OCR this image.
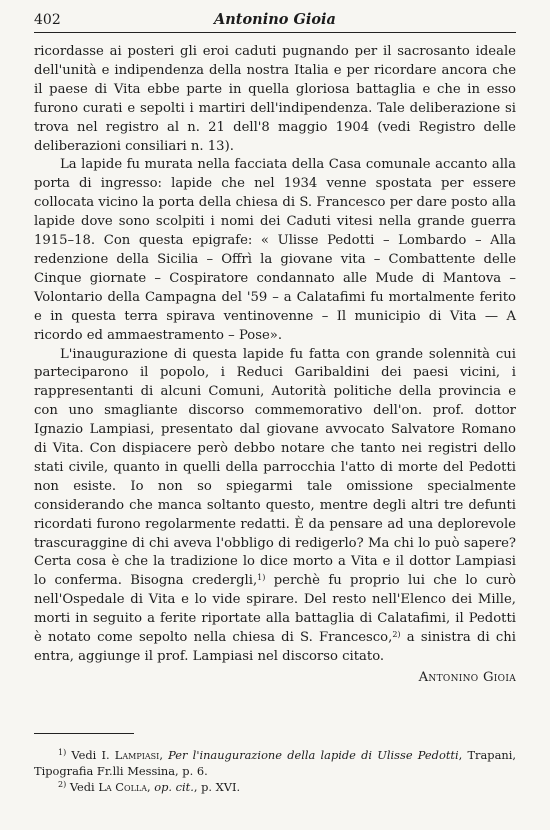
402	Antonino Gioia

ricordasse ai posteri gli eroi caduti pugnando per il sacrosanto ideale dell'unità e indipendenza della nostra Italia e per ricordare ancora che il paese di Vita ebbe parte in quella gloriosa battaglia e che in esso furono curati e sepolti i martiri dell'indipendenza. Tale deliberazione si trova nel registro al n. 21 dell'8 maggio 1904 (vedi Registro delle deliberazioni consiliari n. 13).

La lapide fu murata nella facciata della Casa comunale accanto alla porta di ingresso: lapide che nel 1934 venne spostata per essere collocata vicino la porta della chiesa di S. Francesco per dare posto alla lapide dove sono scolpiti i nomi dei Caduti vitesi nella grande guerra 1915–18. Con questa epigrafe: « Ulisse Pedotti – Lombardo – Alla redenzione della Sicilia – Offrì la giovane vita – Combattente delle Cinque giornate – Cospiratore condannato alle Mude di Mantova – Volontario della Campagna del '59 – a Calatafimi fu mortalmente ferito e in questa terra spirava ventinovenne – Il municipio di Vita — A ricordo ed ammaestramento – Pose».

L'inaugurazione di questa lapide fu fatta con grande solennità cui parteciparono il popolo, i Reduci Garibaldini dei paesi vicini, i rappresentanti di alcuni Comuni, Autorità politiche della provincia e con uno smagliante discorso commemorativo dell'on. prof. dottor Ignazio Lampiasi, presentato dal giovane avvocato Salvatore Romano di Vita. Con dispiacere però debbo notare che tanto nei registri dello stati civile, quanto in quelli della parrocchia l'atto di morte del Pedotti non esiste. Io non so spiegarmi tale omissione specialmente considerando che manca soltanto questo, mentre degli altri tre defunti ricordati furono regolarmente redatti. È da pensare ad una deplorevole trascuraggine di chi aveva l'obbligo di redigerlo? Ma chi lo può sapere? Certa cosa è che la tradizione lo dice morto a Vita e il dottor Lampiasi lo conferma. Bisogna credergli,$^{1)}$ perchè fu proprio lui che lo curò nell'Ospedale di Vita e lo vide spirare. Del resto nell'Elenco dei Mille, morti in seguito a ferite riportate alla battaglia di Calatafimi, il Pedotti è notato come sepolto nella chiesa di S. Francesco,$^{2)}$ a sinistra di chi entra, aggiunge il prof. Lampiasi nel discorso citato.

Antonino Gioia

$^{1)}$ Vedi I. Lampiasi, Per l'inaugurazione della lapide di Ulisse Pedotti, Trapani, Tipografia Fr.lli Messina, p. 6.

$^{2)}$ Vedi La Colla, op. cit., p. XVI.
